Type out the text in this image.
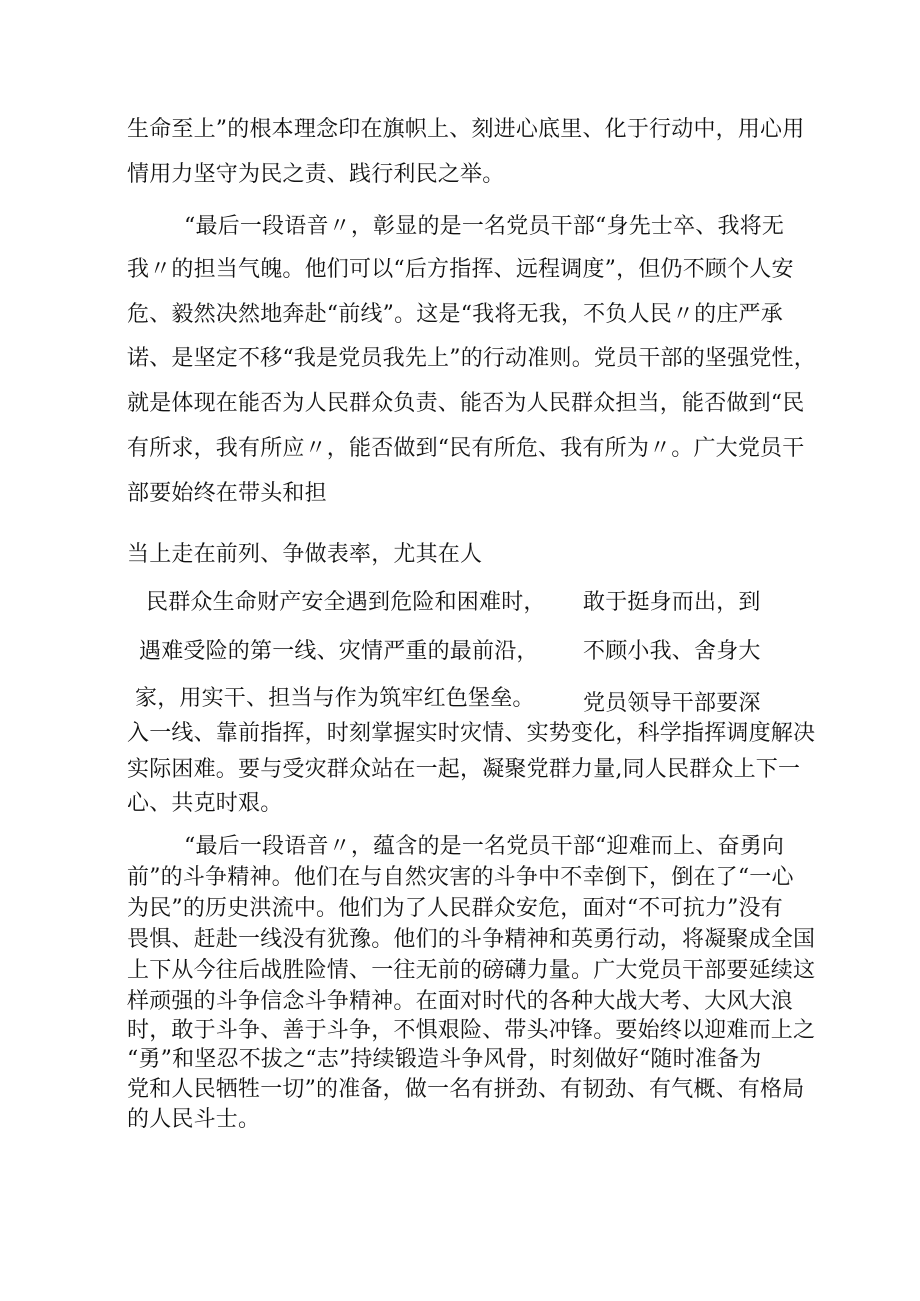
生命至上”的根本理念印在旗帜上、刻进心底里、化于行动中，用心用
情用力坚守为民之责、践行利民之举。
“最后一段语音〃，彰显的是一名党员干部“身先士卒、我将无
我〃的担当气魄。他们可以“后方指挥、远程调度”，但仍不顾个人安
危、毅然决然地奔赴“前线”。这是“我将无我，不负人民〃的庄严承
诺、是坚定不移“我是党员我先上”的行动准则。党员干部的坚强党性，
就是体现在能否为人民群众负责、能否为人民群众担当，能否做到“民
有所求，我有所应〃，能否做到“民有所危、我有所为〃。广大党员干
部要始终在带头和担
当上走在前列、争做表率，尤其在人
民群众生命财产安全遇到危险和困难时， 敢于挺身而出，到
遇难受险的第一线、灾情严重的最前沿， 不顾小我、舍身大
家，用实干、担当与作为筑牢红色堡垒。 党员领导干部要深
入一线、靠前指挥，时刻掌握实时灾情、实势变化，科学指挥调度解决
实际困难。要与受灾群众站在一起，凝聚党群力量,同人民群众上下一
心、共克时艰。
“最后一段语音〃，蕴含的是一名党员干部“迎难而上、奋勇向
前”的斗争精神。他们在与自然灾害的斗争中不幸倒下，倒在了“一心
为民”的历史洪流中。他们为了人民群众安危，面对“不可抗力”没有
畏惧、赶赴一线没有犹豫。他们的斗争精神和英勇行动，将凝聚成全国
上下从今往后战胜险情、一往无前的磅礴力量。广大党员干部要延续这
样顽强的斗争信念斗争精神。在面对时代的各种大战大考、大风大浪
时，敢于斗争、善于斗争，不惧艰险、带头冲锋。要始终以迎难而上之
“勇”和坚忍不拔之“志”持续锻造斗争风骨，时刻做好“随时准备为
党和人民牺牲一切”的准备，做一名有拼劲、有韧劲、有气概、有格局
的人民斗士。
